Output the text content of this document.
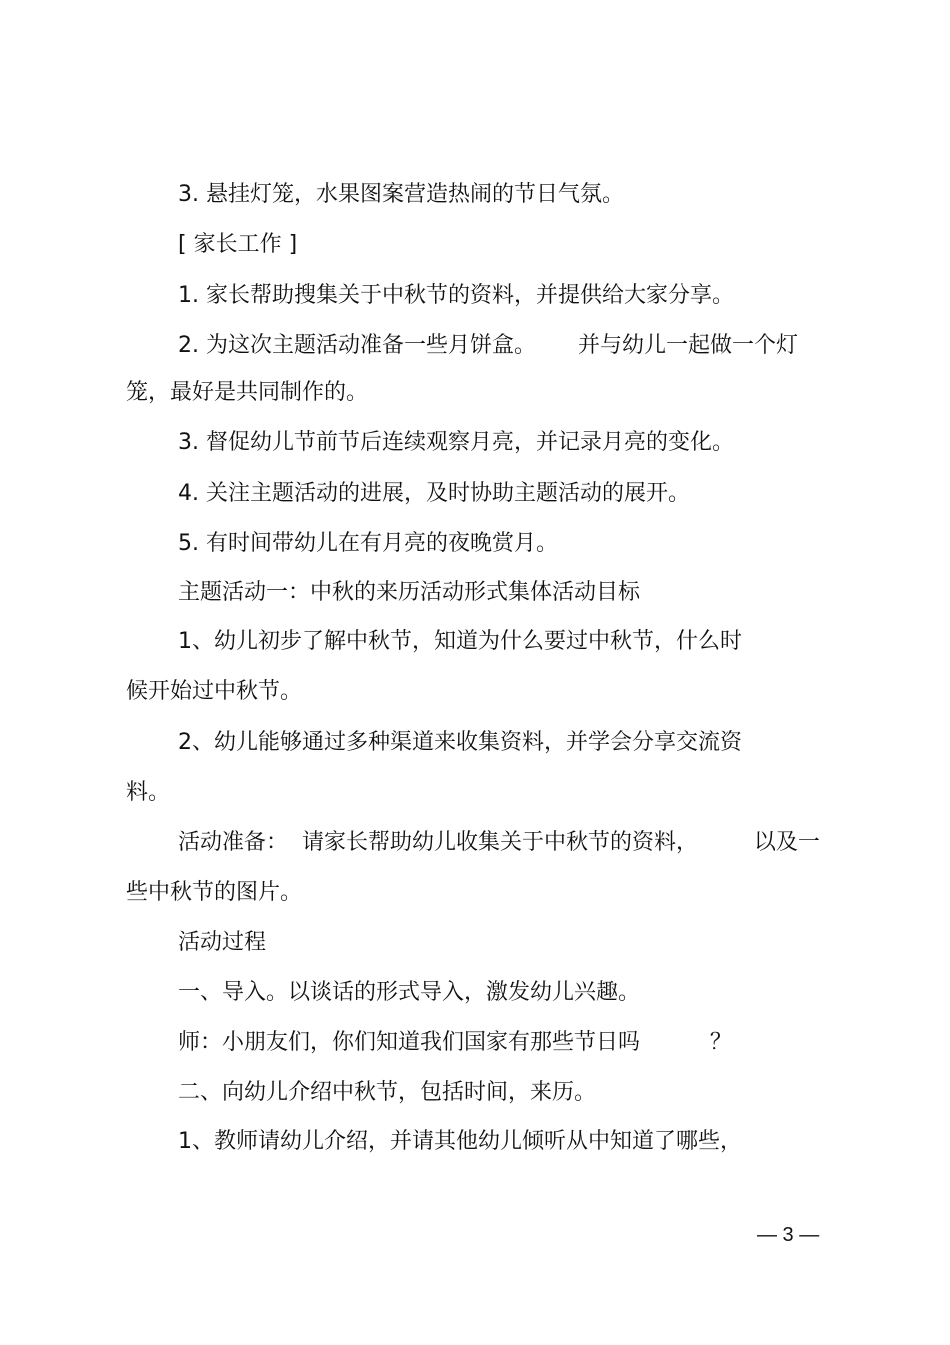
3. 悬挂灯笼，水果图案营造热闹的节日气氛。
[ 家长工作 ]
1. 家长帮助搜集关于中秋节的资料，并提供给大家分享。
2. 为这次主题活动准备一些月饼盒。      并与幼儿一起做一个灯
笼，最好是共同制作的。
3. 督促幼儿节前节后连续观察月亮，并记录月亮的变化。
4. 关注主题活动的进展，及时协助主题活动的展开。
5. 有时间带幼儿在有月亮的夜晚赏月。
主题活动一：中秋的来历活动形式集体活动目标
1、幼儿初步了解中秋节，知道为什么要过中秋节，什么时
候开始过中秋节。
2、幼儿能够通过多种渠道来收集资料，并学会分享交流资
料。
活动准备：  请家长帮助幼儿收集关于中秋节的资料，        以及一
些中秋节的图片。
活动过程
一、导入。以谈话的形式导入，激发幼儿兴趣。
师：小朋友们，你们知道我们国家有那些节日吗          ？
二、向幼儿介绍中秋节，包括时间，来历。
1、教师请幼儿介绍，并请其他幼儿倾听从中知道了哪些，
— 3 —
